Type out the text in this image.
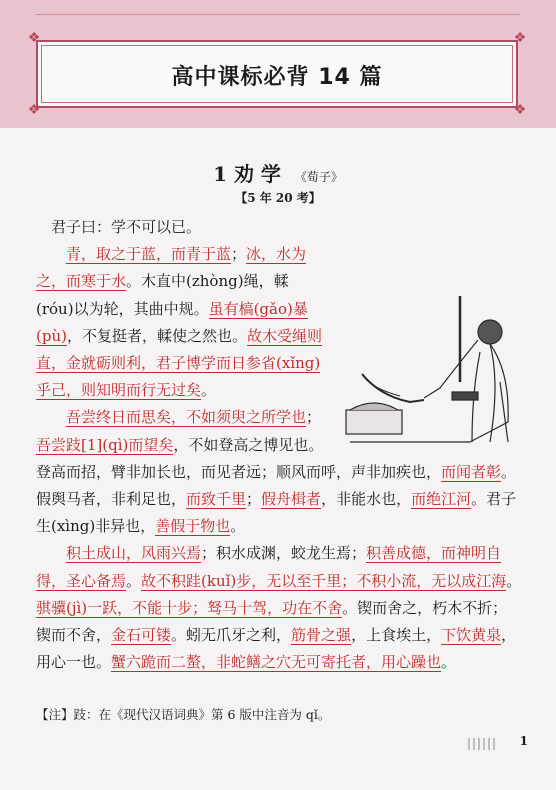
❖	❖
❖	❖
高中课标必背 14 篇
1 劝 学 《荀子》
【5 年 20 考】

君子曰：学不可以已。

青，取之于蓝，而青于蓝；冰，水为之，而寒于水。木直中(zhòng)绳，輮(róu)以为轮，其曲中规。虽有槁(gǎo)暴(pù)，不复挺者，輮使之然也。故木受绳则直，金就砺则利，君子博学而日参省(xǐng)乎己，则知明而行无过矣。

吾尝终日而思矣，不如须臾之所学也；吾尝跂[1](qì)而望矣，不如登高之博见也。登高而招，臂非加长也，而见者远；顺风而呼，声非加疾也，而闻者彰。假舆马者，非利足也，而致千里；假舟楫者，非能水也，而绝江河。君子生(xìng)非异也，善假于物也。

积土成山，风雨兴焉；积水成渊，蛟龙生焉；积善成德，而神明自得，圣心备焉。故不积跬(kuǐ)步，无以至千里；不积小流，无以成江海。骐骥(jì)一跃，不能十步；驽马十驾，功在不舍。锲而舍之，朽木不折；锲而不舍，金石可镂。蚓无爪牙之利，筋骨之强，上食埃土，下饮黄泉，用心一也。蟹六跪而二螯，非蛇鳝之穴无可寄托者，用心躁也。

【注】跂：在《现代汉语词典》第 6 版中注音为 qǐ。
1
